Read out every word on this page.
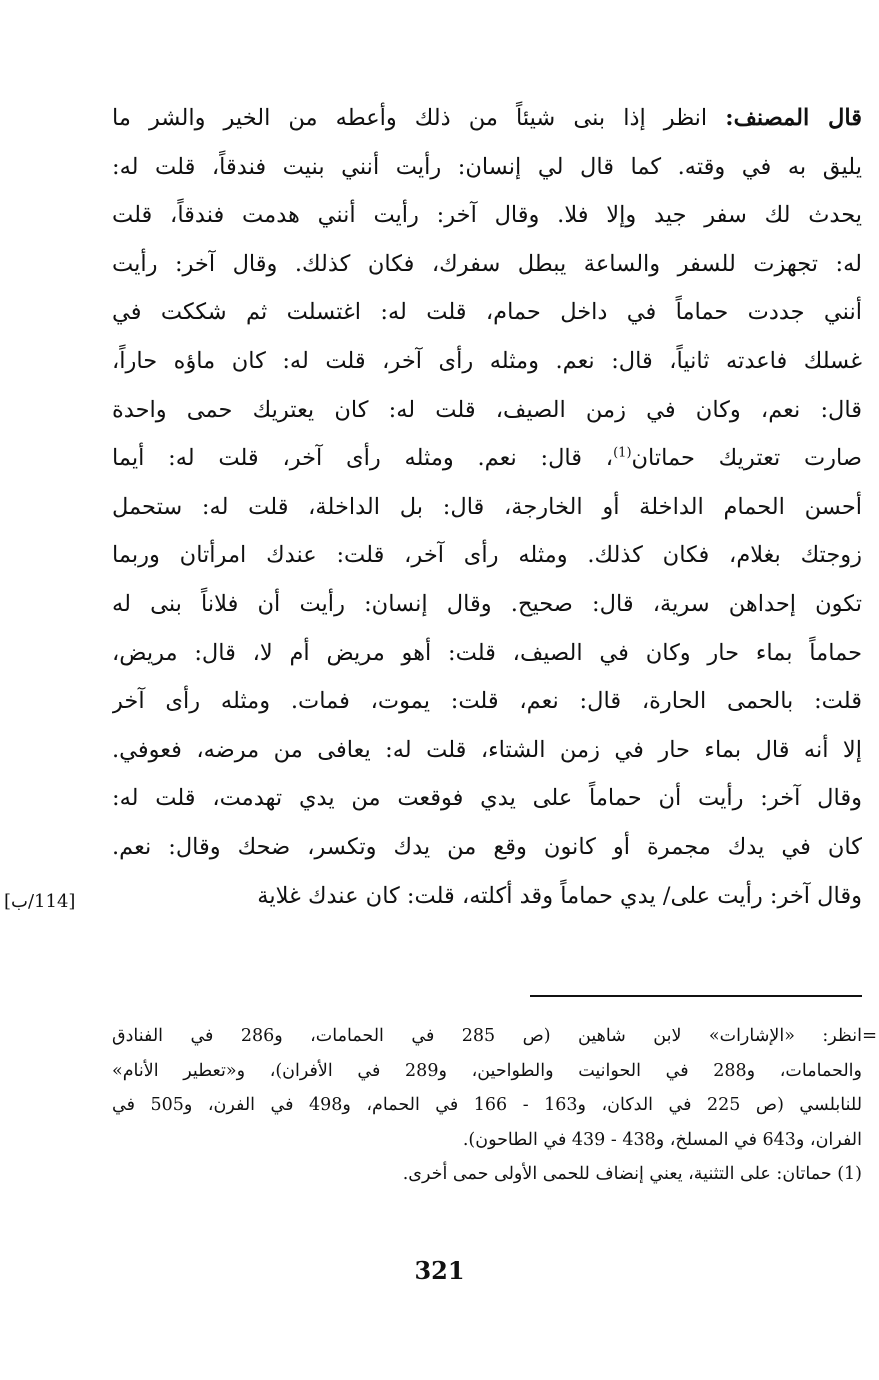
قال المصنف: انظر إذا بنى شيئاً من ذلك وأعطه من الخير والشر ما
يليق به في وقته. كما قال لي إنسان: رأيت أنني بنيت فندقاً، قلت له:
يحدث لك سفر جيد وإلا فلا. وقال آخر: رأيت أنني هدمت فندقاً، قلت
له: تجهزت للسفر والساعة يبطل سفرك، فكان كذلك. وقال آخر: رأيت
أنني جددت حماماً في داخل حمام، قلت له: اغتسلت ثم شككت في
غسلك فاعدته ثانياً، قال: نعم. ومثله رأى آخر، قلت له: كان ماؤه حاراً،
قال: نعم، وكان في زمن الصيف، قلت له: كان يعتريك حمى واحدة
صارت تعتريك حماتان$^{(1)}$، قال: نعم. ومثله رأى آخر، قلت له: أيما
أحسن الحمام الداخلة أو الخارجة، قال: بل الداخلة، قلت له: ستحمل
زوجتك بغلام، فكان كذلك. ومثله رأى آخر، قلت: عندك امرأتان وربما
تكون إحداهن سرية، قال: صحيح. وقال إنسان: رأيت أن فلاناً بنى له
حماماً بماء حار وكان في الصيف، قلت: أهو مريض أم لا، قال: مريض،
قلت: بالحمى الحارة، قال: نعم، قلت: يموت، فمات. ومثله رأى آخر
إلا أنه قال بماء حار في زمن الشتاء، قلت له: يعافى من مرضه، فعوفي.
وقال آخر: رأيت أن حماماً على يدي فوقعت من يدي تهدمت، قلت له:
كان في يدك مجمرة أو كانون وقع من يدك وتكسر، ضحك وقال: نعم.
وقال آخر: رأيت على/ يدي حماماً وقد أكلته، قلت: كان عندك غلاية
[114/ب]
=
انظر: «الإشارات» لابن شاهين (ص 285 في الحمامات، و286 في الفنادق
والحمامات، و288 في الحوانيت والطواحين، و289 في الأفران)، و«تعطير الأنام»
للنابلسي (ص 225 في الدكان، و163 - 166 في الحمام، و498 في الفرن، و505 في
الفران، و643 في المسلخ، و438 - 439 في الطاحون).
(1) حماتان: على التثنية، يعني إنضاف للحمى الأولى حمى أخرى.
321
